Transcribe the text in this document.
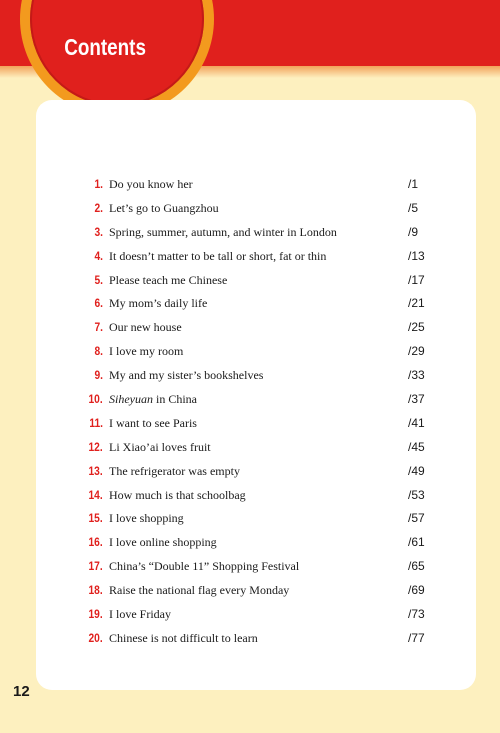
Contents
1. Do you know her	/1
2. Let’s go to Guangzhou	/5
3. Spring, summer, autumn, and winter in London	/9
4. It doesn’t matter to be tall or short, fat or thin	/13
5. Please teach me Chinese	/17
6. My mom’s daily life	/21
7. Our new house	/25
8. I love my room	/29
9. My and my sister’s bookshelves	/33
10. Siheyuan in China	/37
11. I want to see Paris	/41
12. Li Xiao’ai loves fruit	/45
13. The refrigerator was empty	/49
14. How much is that schoolbag	/53
15. I love shopping	/57
16. I love online shopping	/61
17. China’s “Double 11” Shopping Festival	/65
18. Raise the national flag every Monday	/69
19. I love Friday	/73
20. Chinese is not difficult to learn	/77
12
